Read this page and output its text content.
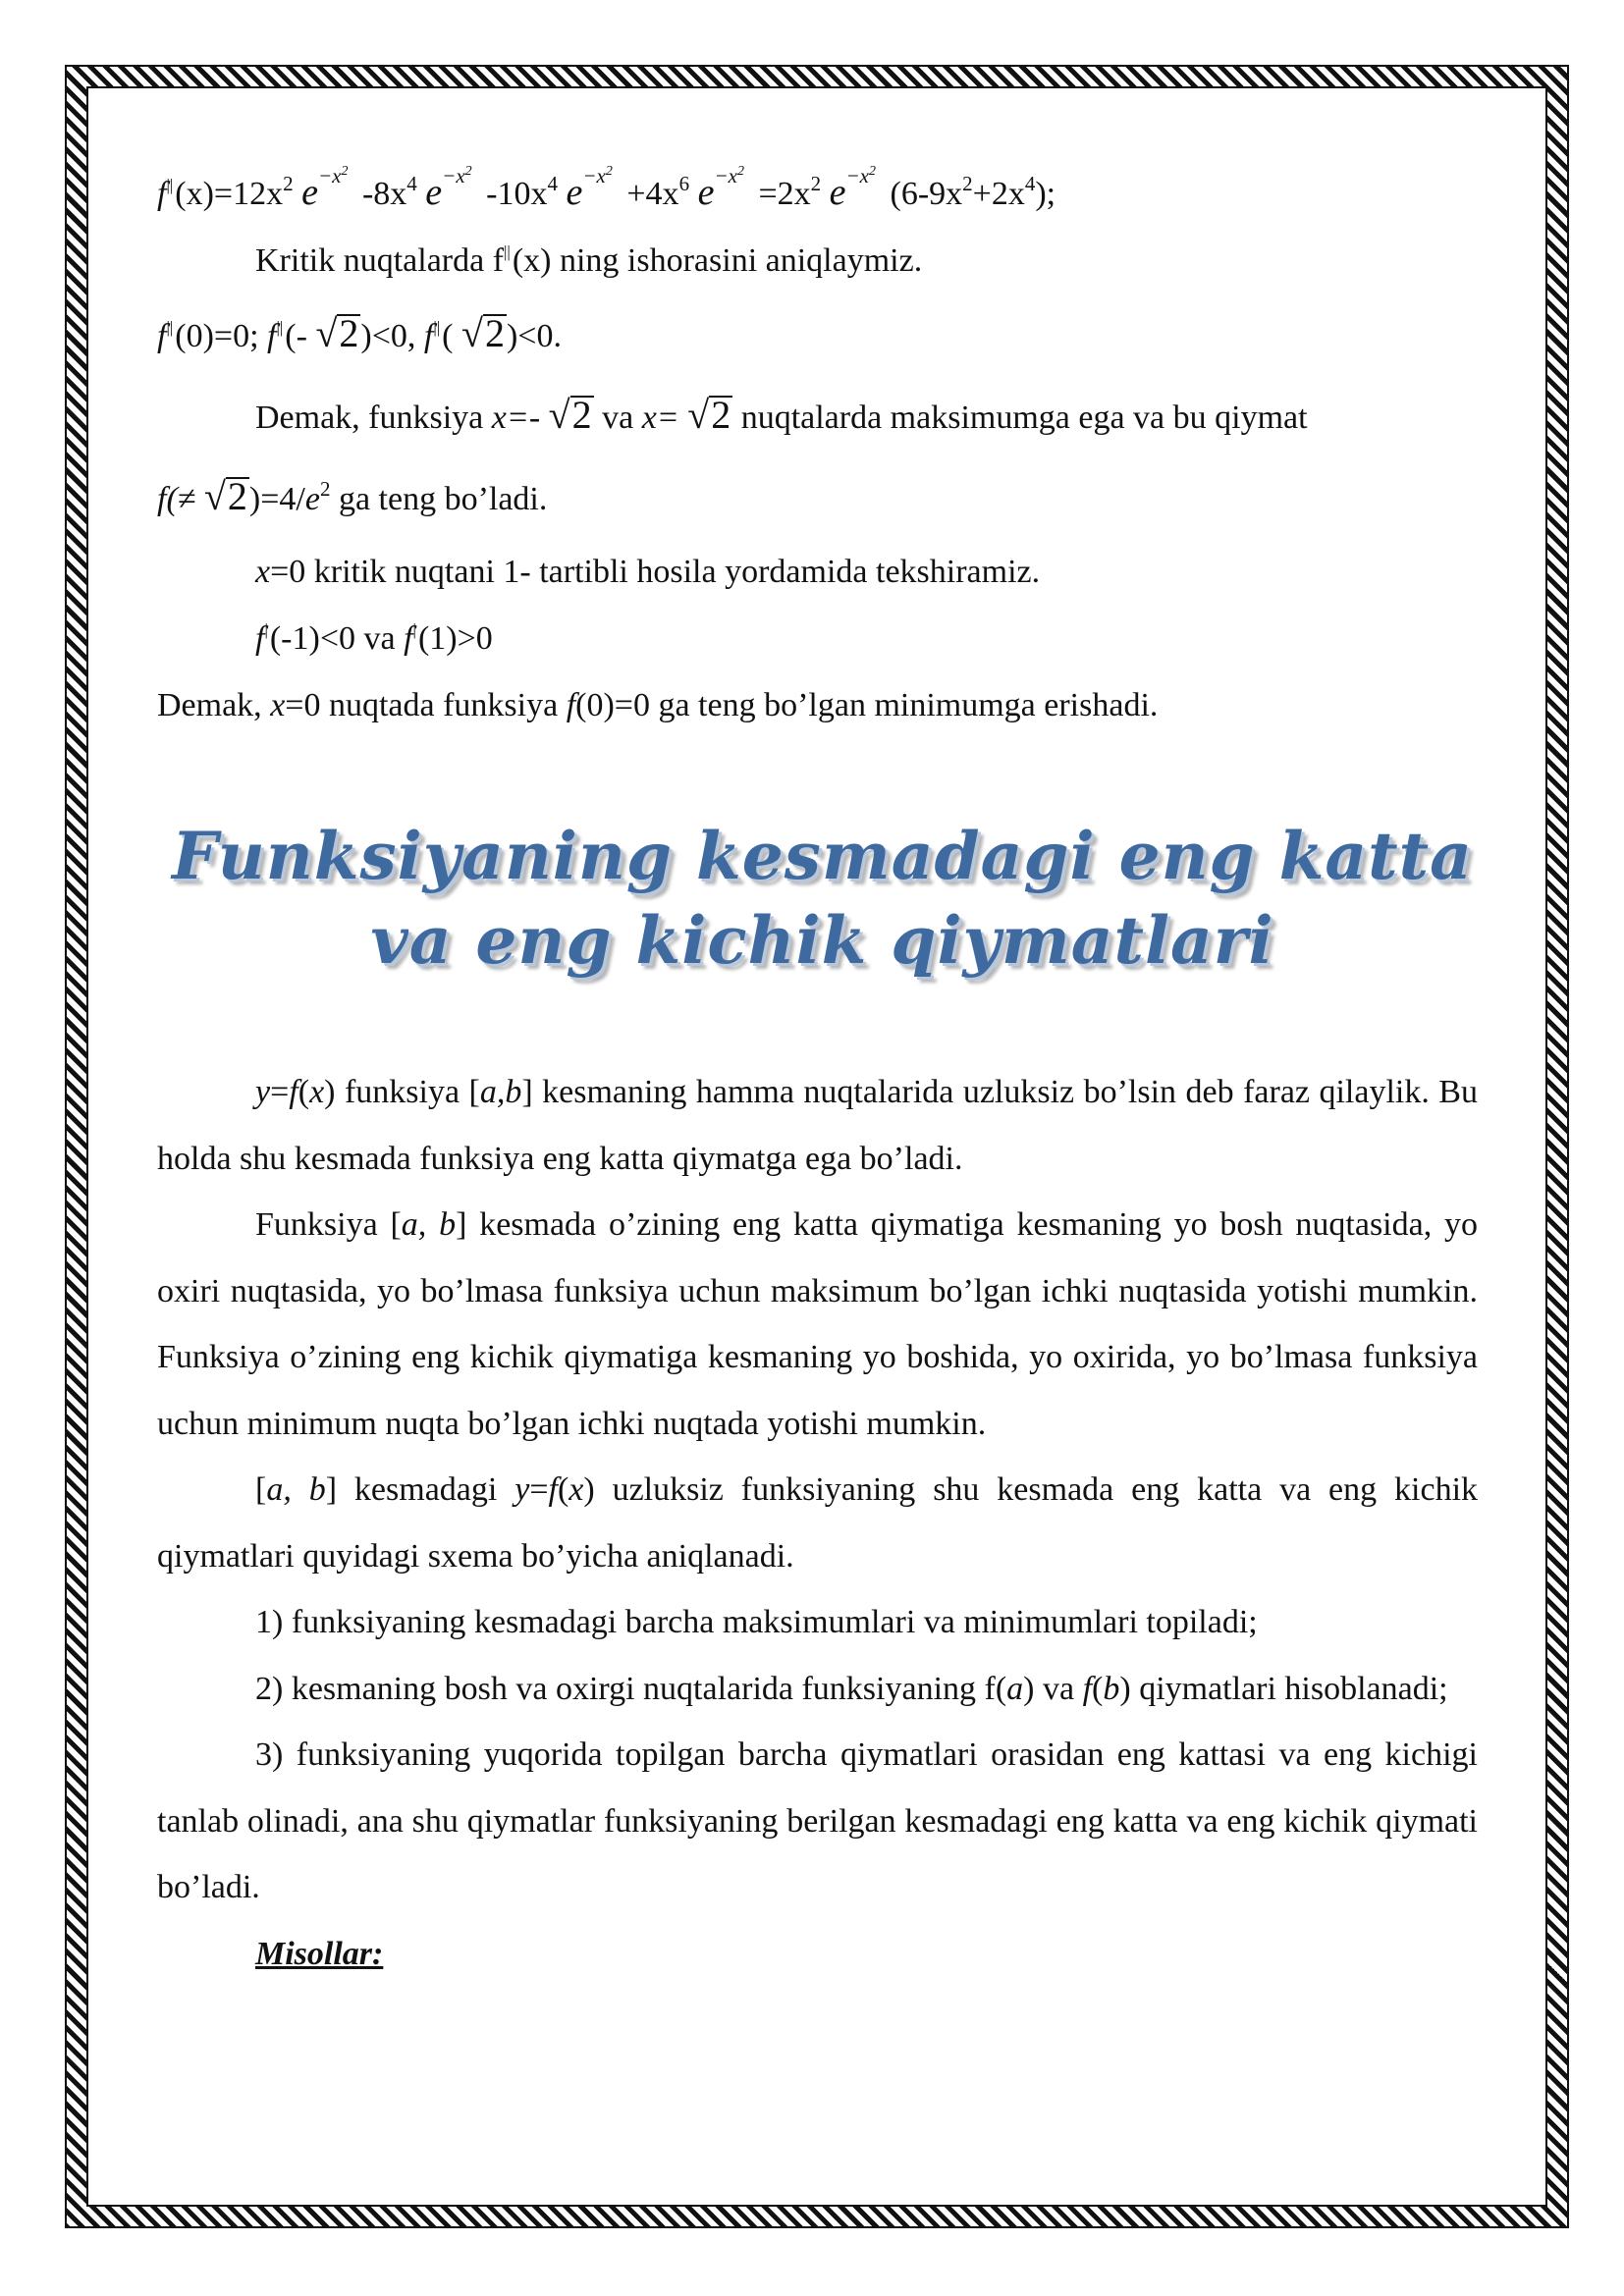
$f^{||}(x)=12x^2$ $e^{-x^2}$ $-8x^4$ $e^{-x^2}$ $-10x^4$ $e^{-x^2} +4x^6$ $e^{-x^2} =2x^2$ $e^{-x^2}$ $(6-9x^2+2x^4)$;
Kritik nuqtalarda f||(x) ning ishorasini aniqlaymiz.
f||(0)=0; f||(- √2)<0, f||( √2)<0.
Demak, funksiya x=- √2 va x= √2 nuqtalarda maksimumga ega va bu qiymat
$f(\ne √2)=4/e^2$ ga teng bo’ladi.
x=0 kritik nuqtani 1- tartibli hosila yordamida tekshiramiz.
f|(-1)<0 va f|(1)>0
Demak, x=0 nuqtada funksiya f(0)=0 ga teng bo’lgan minimumga erishadi.
Funksiyaning kesmadagi eng katta
va eng kichik qiymatlari

y=f(x) funksiya [a,b] kesmaning hamma nuqtalarida uzluksiz bo’lsin deb faraz qilaylik. Bu holda shu kesmada funksiya eng katta qiymatga ega bo’ladi.

Funksiya [a, b] kesmada o’zining eng katta qiymatiga kesmaning yo bosh nuqtasida, yo oxiri nuqtasida, yo bo’lmasa funksiya uchun maksimum bo’lgan ichki nuqtasida yotishi mumkin. Funksiya o’zining eng kichik qiymatiga kesmaning yo boshida, yo oxirida, yo bo’lmasa funksiya uchun minimum nuqta bo’lgan ichki nuqtada yotishi mumkin.

[a, b] kesmadagi y=f(x) uzluksiz funksiyaning shu kesmada eng katta va eng kichik qiymatlari quyidagi sxema bo’yicha aniqlanadi.

1) funksiyaning kesmadagi barcha maksimumlari va minimumlari topiladi;

2) kesmaning bosh va oxirgi nuqtalarida funksiyaning f(a) va f(b) qiymatlari hisoblanadi;

3) funksiyaning yuqorida topilgan barcha qiymatlari orasidan eng kattasi va eng kichigi tanlab olinadi, ana shu qiymatlar funksiyaning berilgan kesmadagi eng katta va eng kichik qiymati bo’ladi.

Misollar:
